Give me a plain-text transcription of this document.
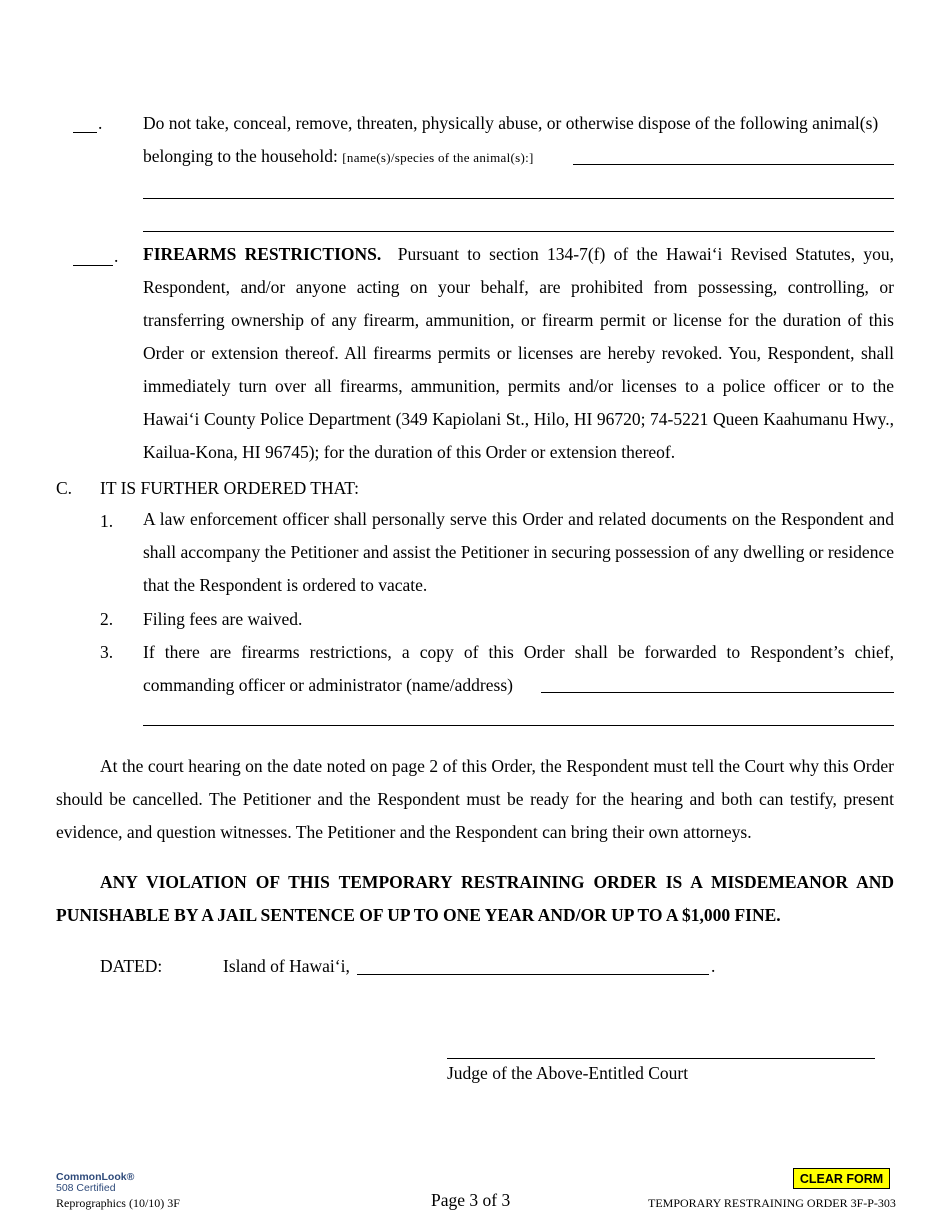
. Do not take, conceal, remove, threaten, physically abuse, or otherwise dispose of the following animal(s)
belonging to the household: [name(s)/species of the animal(s):]
. FIREARMS RESTRICTIONS. Pursuant to section 134-7(f) of the Hawai‘i Revised Statutes, you, Respondent, and/or anyone acting on your behalf, are prohibited from possessing, controlling, or transferring ownership of any firearm, ammunition, or firearm permit or license for the duration of this Order or extension thereof. All firearms permits or licenses are hereby revoked. You, Respondent, shall immediately turn over all firearms, ammunition, permits and/or licenses to a police officer or to the Hawai‘i County Police Department (349 Kapiolani St., Hilo, HI 96720; 74-5221 Queen Kaahumanu Hwy., Kailua-Kona, HI 96745); for the duration of this Order or extension thereof.
C. IT IS FURTHER ORDERED THAT:
1. A law enforcement officer shall personally serve this Order and related documents on the Respondent and shall accompany the Petitioner and assist the Petitioner in securing possession of any dwelling or residence that the Respondent is ordered to vacate.
2. Filing fees are waived.
3. If there are firearms restrictions, a copy of this Order shall be forwarded to Respondent’s chief,
commanding officer or administrator (name/address)
At the court hearing on the date noted on page 2 of this Order, the Respondent must tell the Court why this Order should be cancelled. The Petitioner and the Respondent must be ready for the hearing and both can testify, present evidence, and question witnesses. The Petitioner and the Respondent can bring their own attorneys.
ANY VIOLATION OF THIS TEMPORARY RESTRAINING ORDER IS A MISDEMEANOR AND PUNISHABLE BY A JAIL SENTENCE OF UP TO ONE YEAR AND/OR UP TO A $1,000 FINE.
DATED:	Island of Hawai‘i,	.
Judge of the Above-Entitled Court
CommonLook®
508 Certified
Reprographics (10/10) 3F	Page 3 of 3
CLEAR FORM
TEMPORARY RESTRAINING ORDER 3F-P-303
